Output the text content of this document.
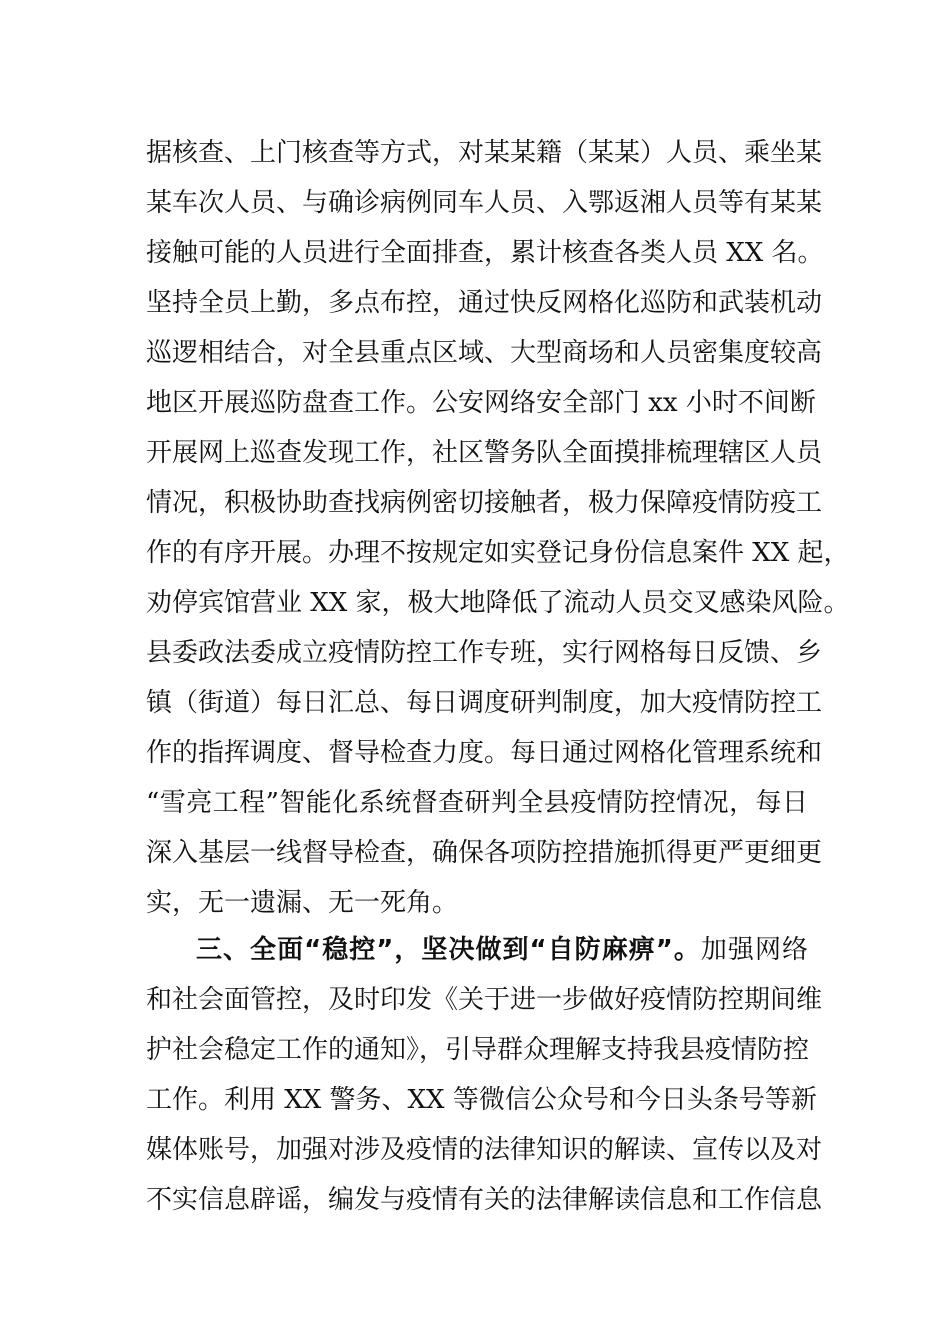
据核查、上门核查等方式，对某某籍（某某）人员、乘坐某
某车次人员、与确诊病例同车人员、入鄂返湘人员等有某某
接触可能的人员进行全面排查，累计核查各类人员 XX 名。
坚持全员上勤，多点布控，通过快反网格化巡防和武装机动
巡逻相结合，对全县重点区域、大型商场和人员密集度较高
地区开展巡防盘查工作。公安网络安全部门 xx 小时不间断
开展网上巡查发现工作，社区警务队全面摸排梳理辖区人员
情况，积极协助查找病例密切接触者，极力保障疫情防疫工
作的有序开展。办理不按规定如实登记身份信息案件 XX 起，
劝停宾馆营业 XX 家，极大地降低了流动人员交叉感染风险。
县委政法委成立疫情防控工作专班，实行网格每日反馈、乡
镇（街道）每日汇总、每日调度研判制度，加大疫情防控工
作的指挥调度、督导检查力度。每日通过网格化管理系统和
“雪亮工程”智能化系统督查研判全县疫情防控情况，每日
深入基层一线督导检查，确保各项防控措施抓得更严更细更
实，无一遗漏、无一死角。
三、全面“稳控”，坚决做到“自防麻痹”。加强网络
和社会面管控，及时印发《关于进一步做好疫情防控期间维
护社会稳定工作的通知》，引导群众理解支持我县疫情防控
工作。利用 XX 警务、XX 等微信公众号和今日头条号等新
媒体账号，加强对涉及疫情的法律知识的解读、宣传以及对
不实信息辟谣，编发与疫情有关的法律解读信息和工作信息
